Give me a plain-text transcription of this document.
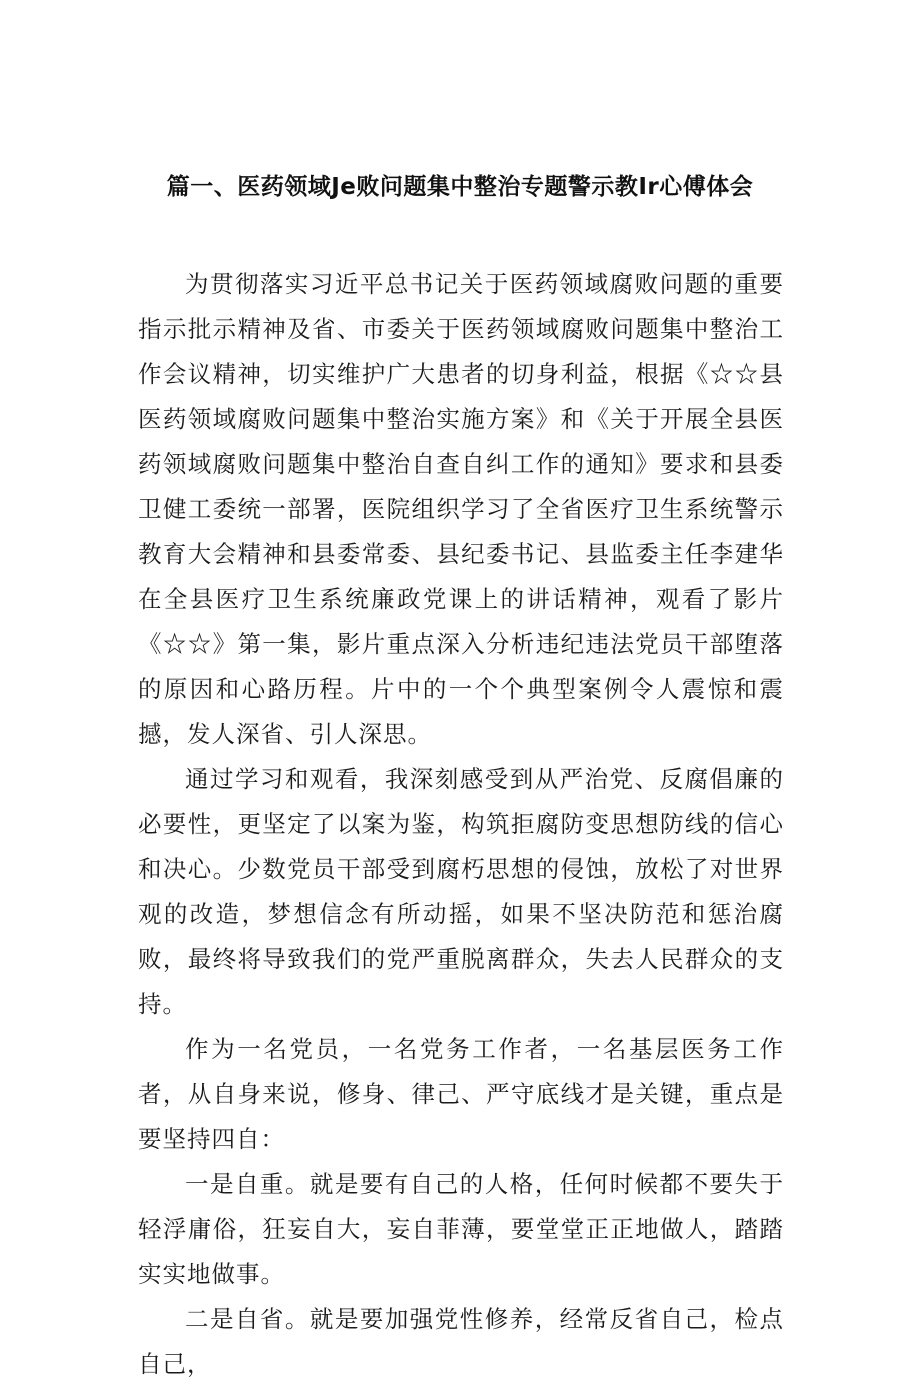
篇一、医药领域Je败问题集中整治专题警示教Ir心傅体会

为贯彻落实习近平总书记关于医药领域腐败问题的重要指示批示精神及省、市委关于医药领域腐败问题集中整治工作会议精神，切实维护广大患者的切身利益，根据《☆☆县医药领域腐败问题集中整治实施方案》和《关于开展全县医药领域腐败问题集中整治自查自纠工作的通知》要求和县委卫健工委统一部署，医院组织学习了全省医疗卫生系统警示教育大会精神和县委常委、县纪委书记、县监委主任李建华在全县医疗卫生系统廉政党课上的讲话精神，观看了影片《☆☆》第一集，影片重点深入分析违纪违法党员干部堕落的原因和心路历程。片中的一个个典型案例令人震惊和震撼，发人深省、引人深思。

通过学习和观看，我深刻感受到从严治党、反腐倡廉的必要性，更坚定了以案为鉴，构筑拒腐防变思想防线的信心和决心。少数党员干部受到腐朽思想的侵蚀，放松了对世界观的改造，梦想信念有所动摇，如果不坚决防范和惩治腐败，最终将导致我们的党严重脱离群众，失去人民群众的支持。

作为一名党员，一名党务工作者，一名基层医务工作者，从自身来说，修身、律己、严守底线才是关键，重点是要坚持四自：

一是自重。就是要有自己的人格，任何时候都不要失于轻浮庸俗，狂妄自大，妄自菲薄，要堂堂正正地做人，踏踏实实地做事。

二是自省。就是要加强党性修养，经常反省自己，检点自己，
